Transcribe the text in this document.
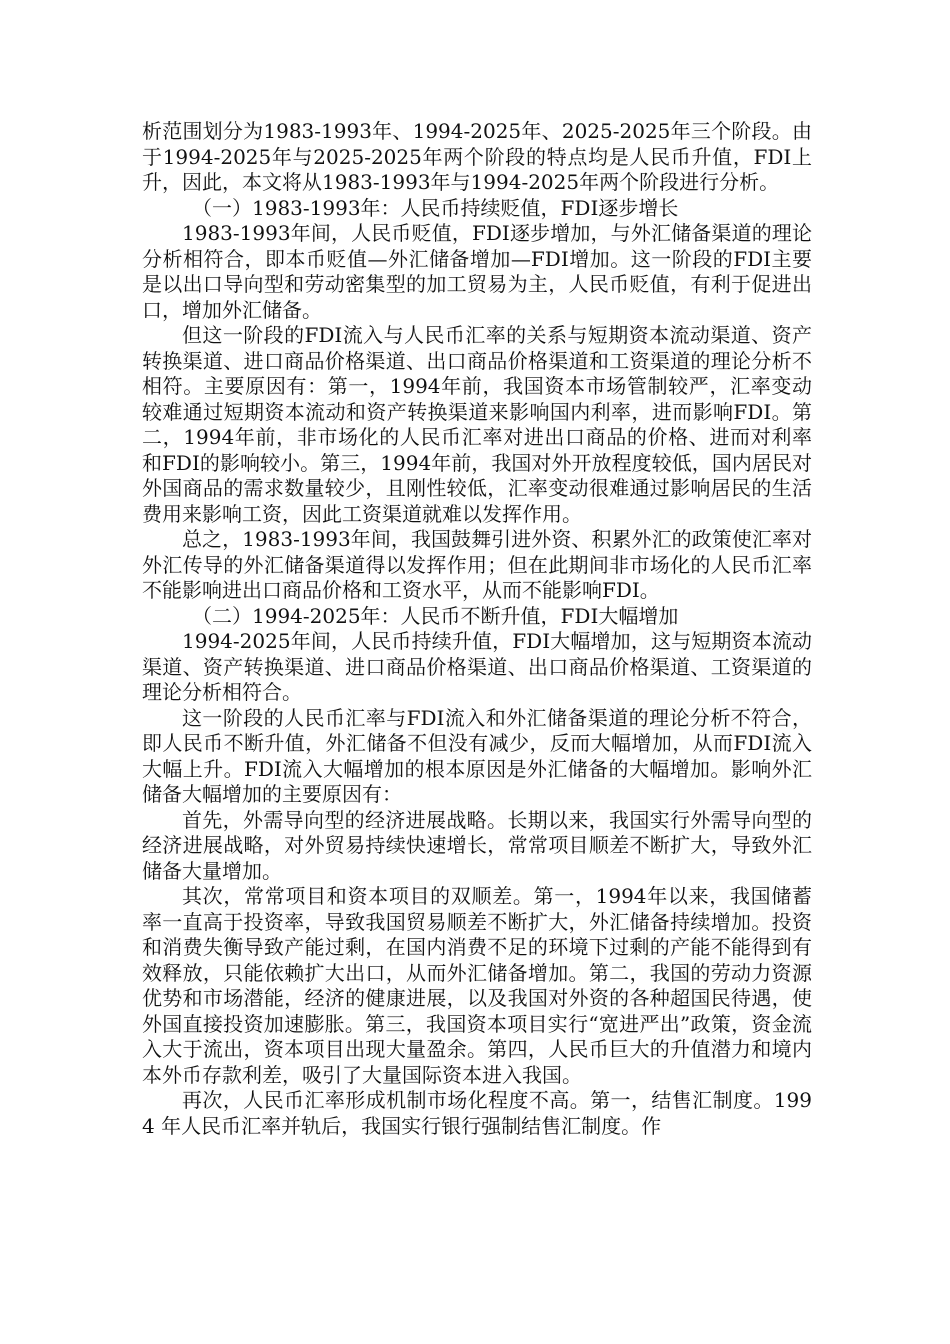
析范围划分为1983-1993年、1994-2025年、2025-2025年三个阶段。由于1994-2025年与2025-2025年两个阶段的特点均是人民币升值，FDI上升，因此，本文将从1983-1993年与1994-2025年两个阶段进行分析。

（一）1983-1993年：人民币持续贬值，FDI逐步增长

1983-1993年间，人民币贬值，FDI逐步增加，与外汇储备渠道的理论分析相符合，即本币贬值—外汇储备增加—FDI增加。这一阶段的FDI主要是以出口导向型和劳动密集型的加工贸易为主，人民币贬值，有利于促进出口，增加外汇储备。

但这一阶段的FDI流入与人民币汇率的关系与短期资本流动渠道、资产转换渠道、进口商品价格渠道、出口商品价格渠道和工资渠道的理论分析不相符。主要原因有：第一，1994年前，我国资本市场管制较严，汇率变动较难通过短期资本流动和资产转换渠道来影响国内利率，进而影响FDI。第二，1994年前，非市场化的人民币汇率对进出口商品的价格、进而对利率和FDI的影响较小。第三，1994年前，我国对外开放程度较低，国内居民对外国商品的需求数量较少，且刚性较低，汇率变动很难通过影响居民的生活费用来影响工资，因此工资渠道就难以发挥作用。

总之，1983-1993年间，我国鼓舞引进外资、积累外汇的政策使汇率对外汇传导的外汇储备渠道得以发挥作用；但在此期间非市场化的人民币汇率不能影响进出口商品价格和工资水平，从而不能影响FDI。

（二）1994-2025年：人民币不断升值，FDI大幅增加

1994-2025年间，人民币持续升值，FDI大幅增加，这与短期资本流动渠道、资产转换渠道、进口商品价格渠道、出口商品价格渠道、工资渠道的理论分析相符合。

这一阶段的人民币汇率与FDI流入和外汇储备渠道的理论分析不符合，即人民币不断升值，外汇储备不但没有减少，反而大幅增加，从而FDI流入大幅上升。FDI流入大幅增加的根本原因是外汇储备的大幅增加。影响外汇储备大幅增加的主要原因有：

首先，外需导向型的经济进展战略。长期以来，我国实行外需导向型的经济进展战略，对外贸易持续快速增长，常常项目顺差不断扩大，导致外汇储备大量增加。

其次，常常项目和资本项目的双顺差。第一，1994年以来，我国储蓄率一直高于投资率，导致我国贸易顺差不断扩大，外汇储备持续增加。投资和消费失衡导致产能过剩，在国内消费不足的环境下过剩的产能不能得到有效释放，只能依赖扩大出口，从而外汇储备增加。第二，我国的劳动力资源优势和市场潜能，经济的健康进展，以及我国对外资的各种超国民待遇，使外国直接投资加速膨胀。第三，我国资本项目实行“宽进严出”政策，资金流入大于流出，资本项目出现大量盈余。第四，人民币巨大的升值潜力和境内本外币存款利差，吸引了大量国际资本进入我国。

再次，人民币汇率形成机制市场化程度不高。第一，结售汇制度。1994 年人民币汇率并轨后，我国实行银行强制结售汇制度。作
